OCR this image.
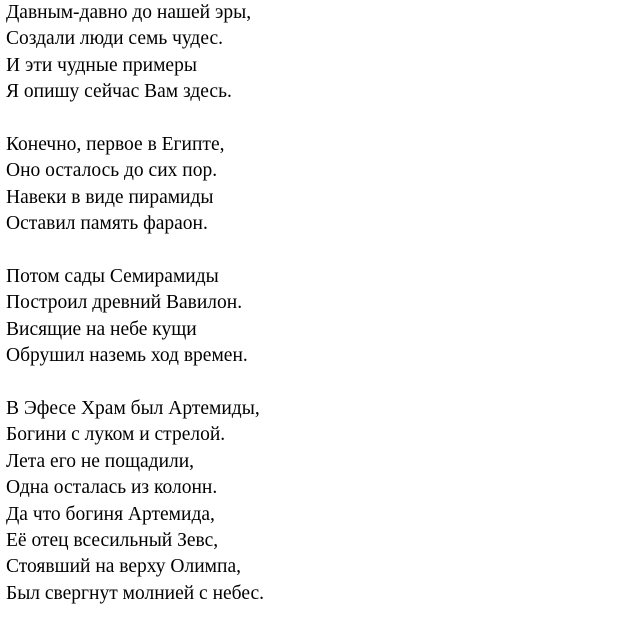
Давным-давно до нашей эры,
Создали люди семь чудес.
И эти чудные примеры
Я опишу сейчас Вам здесь.
Конечно, первое в Египте,
Оно осталось до сих пор.
Навеки в виде пирамиды
Оставил память фараон.
Потом сады Семирамиды
Построил древний Вавилон.
Висящие на небе кущи
Обрушил наземь ход времен.
В Эфесе Храм был Артемиды,
Богини с луком и стрелой.
Лета его не пощадили,
Одна осталась из колонн.
Да что богиня Артемида,
Её отец всесильный Зевс,
Стоявший на верху Олимпа,
Был свергнут молнией с небес.
